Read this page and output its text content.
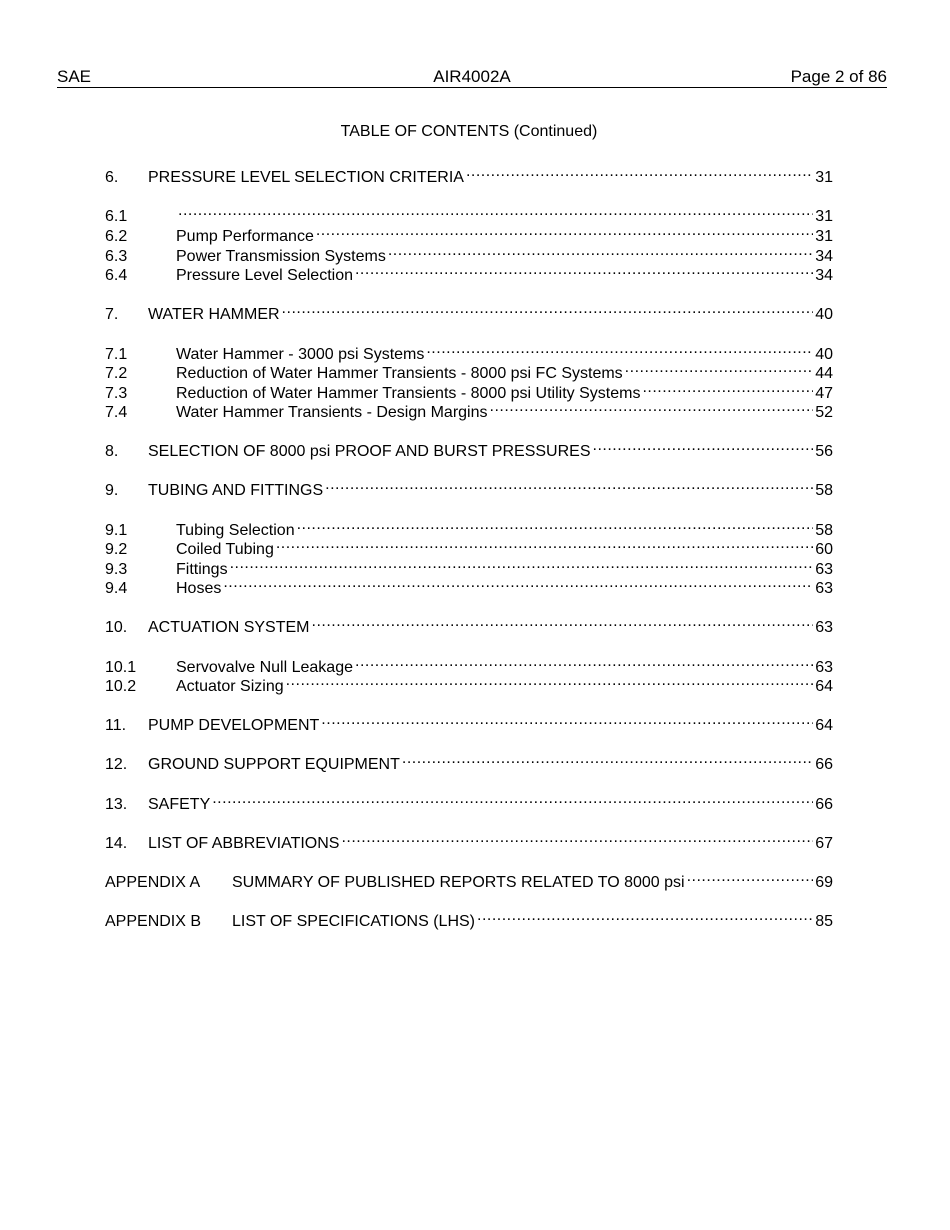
SAE	AIR4002A	Page 2 of 86
TABLE OF CONTENTS (Continued)
6.	PRESSURE LEVEL SELECTION CRITERIA .....	31
6.1 .....	31
6.2	Pump Performance .....	31
6.3	Power Transmission Systems .....	34
6.4	Pressure Level Selection .....	34
7.	WATER HAMMER .....	40
7.1	Water Hammer - 3000 psi Systems .....	40
7.2	Reduction of Water Hammer Transients - 8000 psi FC Systems .....	44
7.3	Reduction of Water Hammer Transients - 8000 psi Utility Systems .....	47
7.4	Water Hammer Transients - Design Margins .....	52
8.	SELECTION OF 8000 psi PROOF AND BURST PRESSURES .....	56
9.	TUBING AND FITTINGS .....	58
9.1	Tubing Selection .....	58
9.2	Coiled Tubing .....	60
9.3	Fittings .....	63
9.4	Hoses .....	63
10.	ACTUATION SYSTEM .....	63
10.1	Servovalve Null Leakage .....	63
10.2	Actuator Sizing .....	64
11.	PUMP DEVELOPMENT .....	64
12.	GROUND SUPPORT EQUIPMENT .....	66
13.	SAFETY .....	66
14.	LIST OF ABBREVIATIONS .....	67
APPENDIX A	SUMMARY OF PUBLISHED REPORTS RELATED TO 8000 psi .....	69
APPENDIX B	LIST OF SPECIFICATIONS (LHS) .....	85
